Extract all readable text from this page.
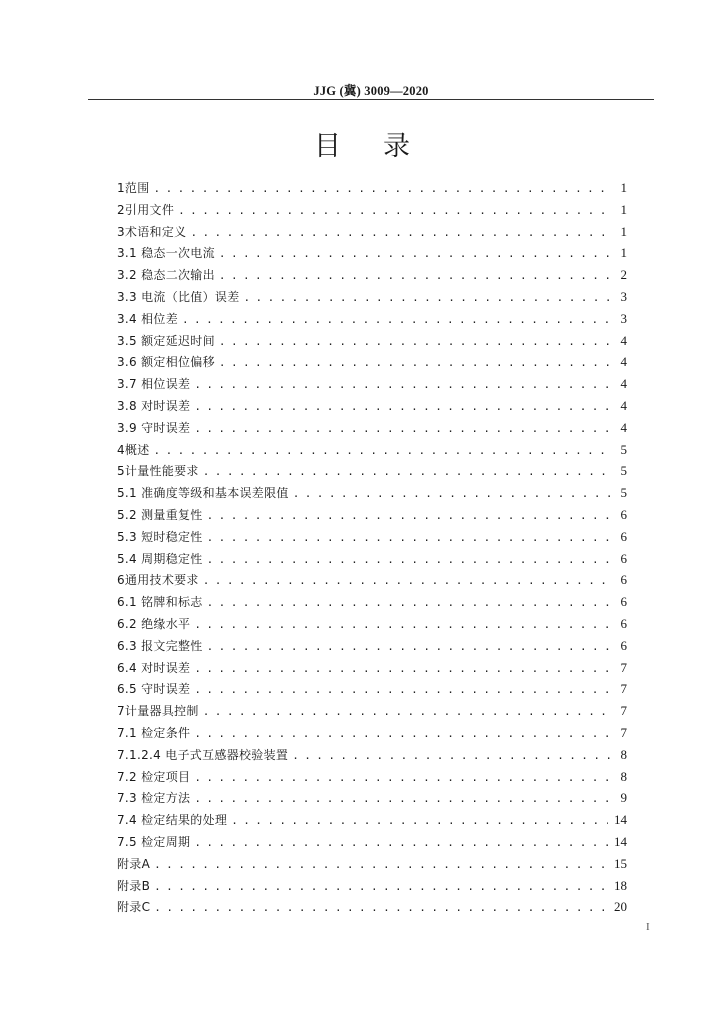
JJG (冀) 3009—2020
目 录
1范围 . . .	1
2引用文件 . . .	1
3术语和定义 . . .	1
3.1 稳态一次电流 . . .	1
3.2 稳态二次输出 . . .	2
3.3 电流（比值）误差 . . .	3
3.4 相位差 . . .	3
3.5 额定延迟时间 . . .	4
3.6 额定相位偏移 . . .	4
3.7 相位误差 . . .	4
3.8 对时误差 . . .	4
3.9 守时误差 . . .	4
4概述 . . .	5
5计量性能要求 . . .	5
5.1 准确度等级和基本误差限值 . . .	5
5.2 测量重复性 . . .	6
5.3 短时稳定性 . . .	6
5.4 周期稳定性 . . .	6
6通用技术要求 . . .	6
6.1 铭牌和标志 . . .	6
6.2 绝缘水平 . . .	6
6.3 报文完整性 . . .	6
6.4 对时误差 . . .	7
6.5 守时误差 . . .	7
7计量器具控制 . . .	7
7.1 检定条件 . . .	7
7.1.2.4 电子式互感器校验装置 . . .	8
7.2 检定项目 . . .	8
7.3 检定方法 . . .	9
7.4 检定结果的处理 . . .	14
7.5 检定周期 . . .	14
附录A . . .	15
附录B . . .	18
附录C . . .	20
I
